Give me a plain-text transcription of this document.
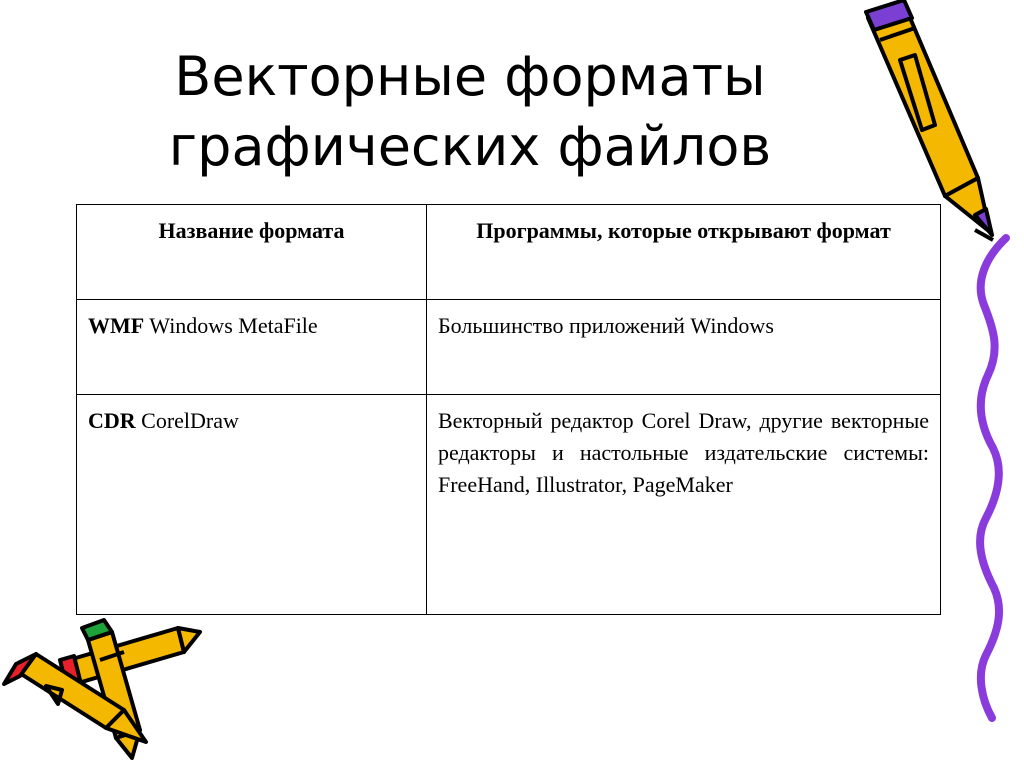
Векторные форматы
графических файлов
Название формата	Программы, которые открывают формат
WMF Windows MetaFile	Большинство приложений Windows
CDR CorelDraw	Векторный редактор Corel Draw, другие векторные редакторы и настольные издательские системы: FreeHand, Illustrator, PageMaker
